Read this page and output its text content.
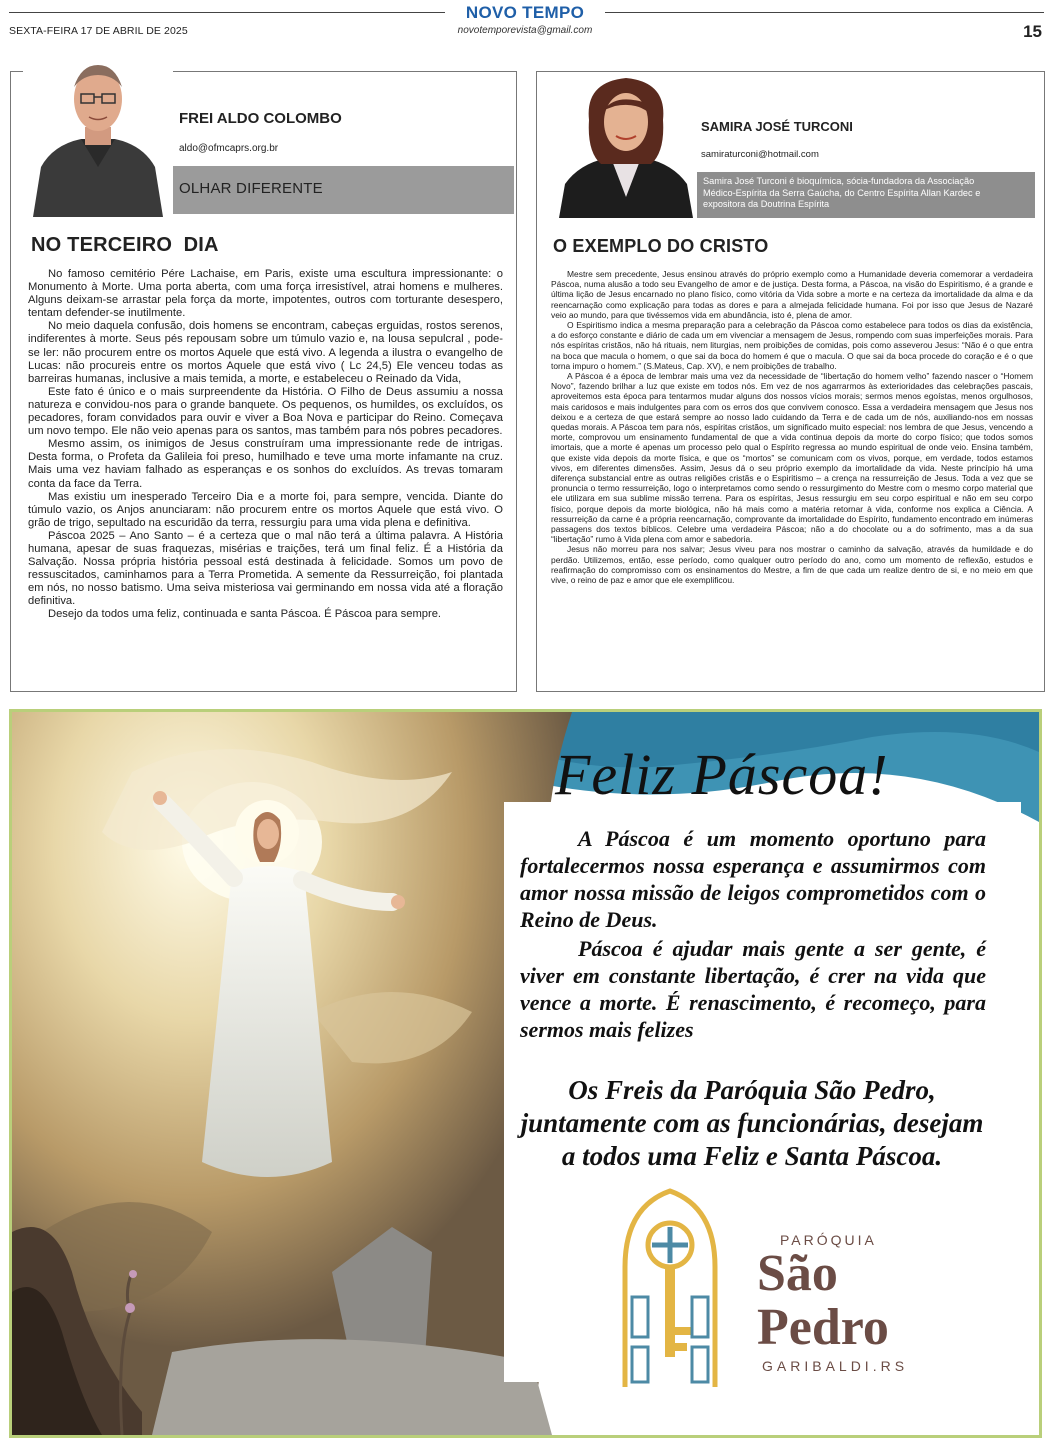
SEXTA-FEIRA 17 DE ABRIL DE 2025
NOVO TEMPO
novotemporevista@gmail.com	15
FREI ALDO COLOMBO
aldo@ofmcaprs.org.br
OLHAR DIFERENTE
NO TERCEIRO  DIA

No famoso cemitério Pére Lachaise, em Paris, existe uma escultura impressionante: o Monumento à Morte. Uma porta aberta, com uma força irresistível, atrai homens e mulheres. Alguns deixam-se arrastar pela força da morte, impotentes, outros com torturante desespero, tentam defender-se inutilmente.

No meio daquela confusão, dois homens se encontram, cabeças erguidas, rostos serenos, indiferentes à morte. Seus pés repousam sobre um túmulo vazio e, na lousa sepulcral , pode-se ler: não procurem entre os mortos Aquele que está vivo. A legenda a ilustra o evangelho de Lucas: não procureis entre os mortos Aquele que está vivo ( Lc 24,5) Ele venceu todas as barreiras humanas, inclusive a mais temida, a morte, e estabeleceu o Reinado da Vida,

Este fato é único e o mais surpreendente da História. O Filho de Deus assumiu a nossa natureza e convidou-nos para o grande banquete. Os pequenos, os humildes, os excluídos, os pecadores, foram convidados para ouvir e viver a Boa Nova e participar do Reino. Começava um novo tempo. Ele não veio apenas para os santos, mas também para nós pobres pecadores.

Mesmo assim, os inimigos de Jesus construíram uma impressionante rede de intrigas. Desta forma, o Profeta da Galileia foi preso, humilhado e teve uma morte infamante na cruz. Mais uma vez haviam falhado as esperanças e os sonhos do excluídos. As trevas tomaram conta da face da Terra.

Mas existiu um inesperado Terceiro Dia e a morte foi, para sempre, vencida. Diante do túmulo vazio, os Anjos anunciaram: não procurem entre os mortos Aquele que está vivo. O grão de trigo, sepultado na escuridão da terra, ressurgiu para uma vida plena e definitiva.

Páscoa 2025 – Ano Santo – é a certeza que o mal não terá a última palavra. A História humana, apesar de suas fraquezas, misérias e traições, terá um final feliz. É a História da Salvação. Nossa própria história pessoal está destinada à felicidade. Somos um povo de ressuscitados, caminhamos para a Terra Prometida. A semente da Ressurreição, foi plantada em nós, no nosso batismo. Uma seiva misteriosa vai germinando em nossa vida até a floração definitiva.

Desejo da todos uma feliz, continuada e santa Páscoa. É Páscoa para sempre.

SAMIRA JOSÉ TURCONI
samiraturconi@hotmail.com
Samira José Turconi é bioquímica, sócia-fundadora da Associação Médico-Espírita da Serra Gaúcha, do Centro Espírita Allan Kardec e expositora da Doutrina Espírita
O EXEMPLO DO CRISTO

Mestre sem precedente, Jesus ensinou através do próprio exemplo como a Humanidade deveria comemorar a verdadeira Páscoa, numa alusão a todo seu Evangelho de amor e de justiça. Desta forma, a Páscoa, na visão do Espiritismo, é a grande e última lição de Jesus encarnado no plano físico, como vitória da Vida sobre a morte e na certeza da imortalidade da alma e da reencarnação como explicação para todas as dores e para a almejada felicidade humana. Foi por isso que Jesus de Nazaré veio ao mundo, para que tivéssemos vida em abundância, isto é, plena de amor.

O Espiritismo indica a mesma preparação para a celebração da Páscoa como estabelece para todos os dias da existência, a do esforço constante e diário de cada um em vivenciar a mensagem de Jesus, rompendo com suas imperfeições morais. Para nós espíritas cristãos, não há rituais, nem liturgias, nem proibições de comidas, pois como asseverou Jesus: “Não é o que entra na boca que macula o homem, o que sai da boca do homem é que o macula. O que sai da boca procede do coração e é o que torna impuro o homem.” (S.Mateus, Cap. XV), e nem proibições de trabalho.

A Páscoa é a época de lembrar mais uma vez da necessidade de “libertação do homem velho” fazendo nascer o “Homem Novo”, fazendo brilhar a luz que existe em todos nós. Em vez de nos agarrarmos às exterioridades das celebrações pascais, aproveitemos esta época para tentarmos mudar alguns dos nossos vícios morais; sermos menos egoístas, menos orgulhosos, mais caridosos e mais indulgentes para com os erros dos que convivem conosco. Essa a verdadeira mensagem que Jesus nos deixou e a certeza de que estará sempre ao nosso lado cuidando da Terra e de cada um de nós, auxiliando-nos em nossas quedas morais. A Páscoa tem para nós, espíritas cristãos, um significado muito especial: nos lembra de que Jesus, vencendo a morte, comprovou um ensinamento fundamental de que a vida continua depois da morte do corpo físico; que todos somos imortais, que a morte é apenas um processo pelo qual o Espírito regressa ao mundo espiritual de onde veio. Ensina também, que existe vida depois da morte física, e que os “mortos” se comunicam com os vivos, porque, em verdade, todos estamos vivos, em diferentes dimensões. Assim, Jesus dá o seu próprio exemplo da imortalidade da vida. Neste princípio há uma diferença substancial entre as outras religiões cristãs e o Espiritismo – a crença na ressurreição de Jesus. Toda a vez que se pronuncia o termo ressurreição, logo o interpretamos como sendo o ressurgimento do Mestre com o mesmo corpo material que ele utilizara em sua sublime missão terrena. Para os espíritas, Jesus ressurgiu em seu corpo espiritual e não em seu corpo físico, porque depois da morte biológica, não há mais como a matéria retornar à vida, conforme nos explica a Ciência. A ressurreição da carne é a própria reencarnação, comprovante da imortalidade do Espírito, fundamento encontrado em inúmeras passagens dos textos bíblicos. Celebre uma verdadeira Páscoa; não a do chocolate ou a do sofrimento, mas a da sua “libertação” rumo à Vida plena com amor e sabedoria.

Jesus não morreu para nos salvar; Jesus viveu para nos mostrar o caminho da salvação, através da humildade e do perdão. Utilizemos, então, esse período, como qualquer outro período do ano, como um momento de reflexão, estudos e reafirmação do compromisso com os ensinamentos do Mestre, a fim de que cada um realize dentro de si, e no meio em que vive, o reino de paz e amor que ele exemplificou.

Feliz Páscoa!

A Páscoa é um momento oportuno para fortalecermos nossa esperança e assumirmos com amor nossa missão de leigos comprometidos com o Reino de Deus.

Páscoa é ajudar mais gente a ser gente, é viver em constante libertação, é crer na vida que vence a morte. É renascimento, é recomeço, para sermos mais felizes

Os Freis da Paróquia São Pedro, juntamente com as funcionárias, desejam a todos uma Feliz e Santa Páscoa.
PARÓQUIA
São
Pedro
GARIBALDI.RS
